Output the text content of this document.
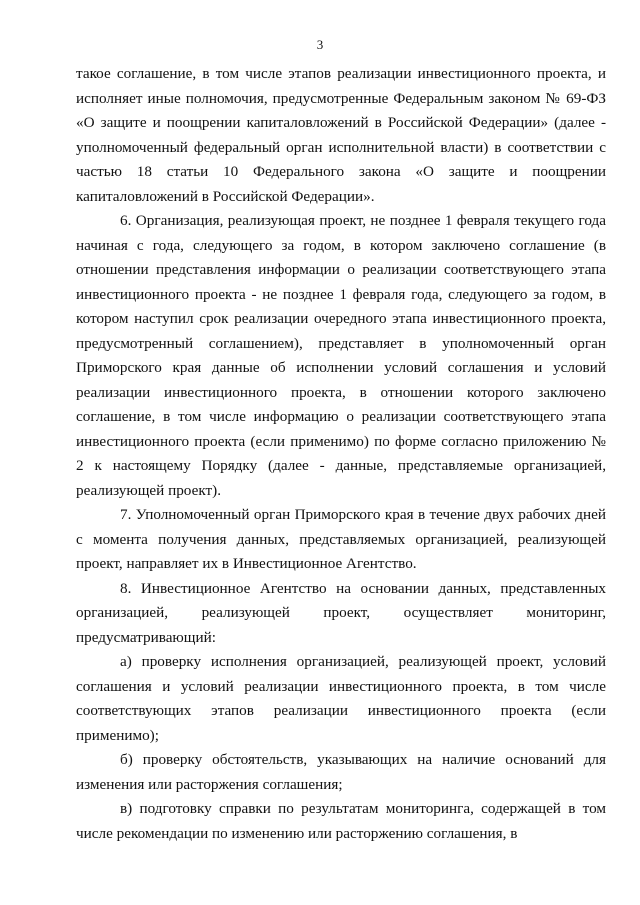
3

такое соглашение, в том числе этапов реализации инвестиционного проекта, и исполняет иные полномочия, предусмотренные Федеральным законом № 69-ФЗ «О защите и поощрении капиталовложений в Российской Федерации» (далее - уполномоченный федеральный орган исполнительной власти) в соответствии с частью 18 статьи 10 Федерального закона «О защите и поощрении капиталовложений в Российской Федерации».

6. Организация, реализующая проект, не позднее 1 февраля текущего года начиная с года, следующего за годом, в котором заключено соглашение (в отношении представления информации о реализации соответствующего этапа инвестиционного проекта - не позднее 1 февраля года, следующего за годом, в котором наступил срок реализации очередного этапа инвестиционного проекта, предусмотренный соглашением), представляет в уполномоченный орган Приморского края данные об исполнении условий соглашения и условий реализации инвестиционного проекта, в отношении которого заключено соглашение, в том числе информацию о реализации соответствующего этапа инвестиционного проекта (если применимо) по форме согласно приложению № 2 к настоящему Порядку (далее - данные, представляемые организацией, реализующей проект).

7. Уполномоченный орган Приморского края в течение двух рабочих дней с момента получения данных, представляемых организацией, реализующей проект, направляет их в Инвестиционное Агентство.

8. Инвестиционное Агентство на основании данных, представленных организацией, реализующей проект, осуществляет мониторинг, предусматривающий:

а) проверку исполнения организацией, реализующей проект, условий соглашения и условий реализации инвестиционного проекта, в том числе соответствующих этапов реализации инвестиционного проекта (если применимо);

б) проверку обстоятельств, указывающих на наличие оснований для изменения или расторжения соглашения;

в) подготовку справки по результатам мониторинга, содержащей в том числе рекомендации по изменению или расторжению соглашения, в
